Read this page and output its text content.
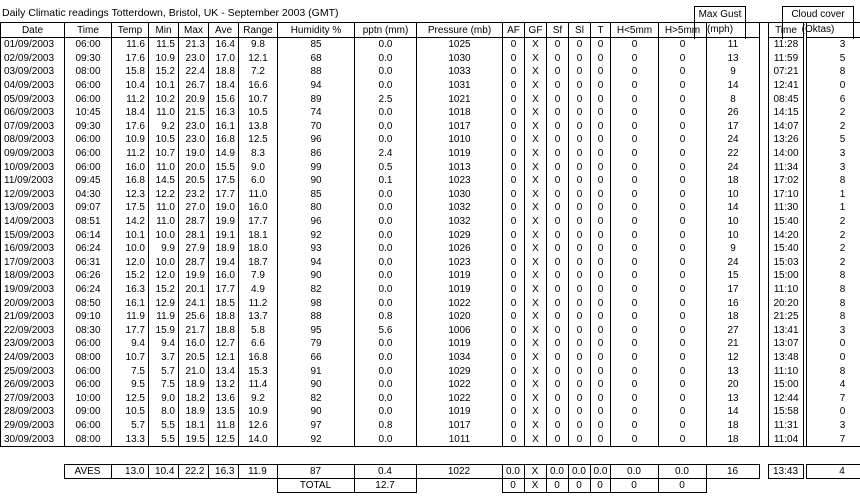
Daily Climatic readings Totterdown, Bristol, UK - September 2003 (GMT)	Max Gust
(mph)
Cloud cover
(Oktas)
Date	Time	Temp	Min	Max	Ave	Range	Humidity %	pptn (mm)	Pressure (mb)	AF	GF	Sf	Sl	T	H<5mm	H>5mm			Time		
01/09/2003	06:00	11.6	11.5	21.3	16.4	9.8	85	0.0	1025	0	X	0	0	0	0	0	11		11:28		3
02/09/2003	09:30	17.6	10.9	23.0	17.0	12.1	68	0.0	1030	0	X	0	0	0	0	0	13		11:59		5
03/09/2003	08:00	15.8	15.2	22.4	18.8	7.2	88	0.0	1033	0	X	0	0	0	0	0	9		07:21		8
04/09/2003	06:00	10.4	10.1	26.7	18.4	16.6	94	0.0	1031	0	X	0	0	0	0	0	14		12:41		0
05/09/2003	06:00	11.2	10.2	20.9	15.6	10.7	89	2.5	1021	0	X	0	0	0	0	0	8		08:45		6
06/09/2003	10:45	18.4	11.0	21.5	16.3	10.5	74	0.0	1018	0	X	0	0	0	0	0	26		14:15		2
07/09/2003	09:30	17.6	9.2	23.0	16.1	13.8	70	0.0	1017	0	X	0	0	0	0	0	17		14:07		2
08/09/2003	06:00	10.9	10.5	23.0	16.8	12.5	96	0.0	1010	0	X	0	0	0	0	0	24		13:26		5
09/09/2003	06:00	11.2	10.7	19.0	14.9	8.3	86	2.4	1019	0	X	0	0	0	0	0	22		14:00		3
10/09/2003	06:00	16.0	11.0	20.0	15.5	9.0	99	0.5	1013	0	X	0	0	0	0	0	24		11:34		3
11/09/2003	09:45	16.8	14.5	20.5	17.5	6.0	90	0.1	1023	0	X	0	0	0	0	0	18		17:02		8
12/09/2003	04:30	12.3	12.2	23.2	17.7	11.0	85	0.0	1030	0	X	0	0	0	0	0	10		17:10		1
13/09/2003	09:07	17.5	11.0	27.0	19.0	16.0	80	0.0	1032	0	X	0	0	0	0	0	14		11:30		1
14/09/2003	08:51	14.2	11.0	28.7	19.9	17.7	96	0.0	1032	0	X	0	0	0	0	0	10		15:40		2
15/09/2003	06:14	10.1	10.0	28.1	19.1	18.1	92	0.0	1029	0	X	0	0	0	0	0	10		14:20		2
16/09/2003	06:24	10.0	9.9	27.9	18.9	18.0	93	0.0	1026	0	X	0	0	0	0	0	9		15:40		2
17/09/2003	06:31	12.0	10.0	28.7	19.4	18.7	94	0.0	1023	0	X	0	0	0	0	0	24		15:03		2
18/09/2003	06:26	15.2	12.0	19.9	16.0	7.9	90	0.0	1019	0	X	0	0	0	0	0	15		15:00		8
19/09/2003	06:24	16.3	15.2	20.1	17.7	4.9	82	0.0	1019	0	X	0	0	0	0	0	17		11:10		8
20/09/2003	08:50	16.1	12.9	24.1	18.5	11.2	98	0.0	1022	0	X	0	0	0	0	0	16		20:20		8
21/09/2003	09:10	11.9	11.9	25.6	18.8	13.7	88	0.8	1020	0	X	0	0	0	0	0	18		21:25		8
22/09/2003	08:30	17.7	15.9	21.7	18.8	5.8	95	5.6	1006	0	X	0	0	0	0	0	27		13:41		3
23/09/2003	06:00	9.4	9.4	16.0	12.7	6.6	79	0.0	1019	0	X	0	0	0	0	0	21		13:07		0
24/09/2003	08:00	10.7	3.7	20.5	12.1	16.8	66	0.0	1034	0	X	0	0	0	0	0	12		13:48		0
25/09/2003	06:00	7.5	5.7	21.0	13.4	15.3	91	0.0	1029	0	X	0	0	0	0	0	13		11:10		8
26/09/2003	06:00	9.5	7.5	18.9	13.2	11.4	90	0.0	1022	0	X	0	0	0	0	0	20		15:00		4
27/09/2003	10:00	12.5	9.0	18.2	13.6	9.2	82	0.0	1022	0	X	0	0	0	0	0	13		12:44		7
28/09/2003	09:00	10.5	8.0	18.9	13.5	10.9	90	0.0	1019	0	X	0	0	0	0	0	14		15:58		0
29/09/2003	06:00	5.7	5.5	18.1	11.8	12.6	97	0.8	1017	0	X	0	0	0	0	0	18		11:31		3
30/09/2003	08:00	13.3	5.5	19.5	12.5	14.0	92	0.0	1011	0	X	0	0	0	0	0	18		11:04		7
	AVES	13.0	10.4	22.2	16.3	11.9	87	0.4	1022	0.0	X	0.0	0.0	0.0	0.0	0.0	16		13:43		4
							TOTAL	12.7		0	X	0	0	0	0	0
